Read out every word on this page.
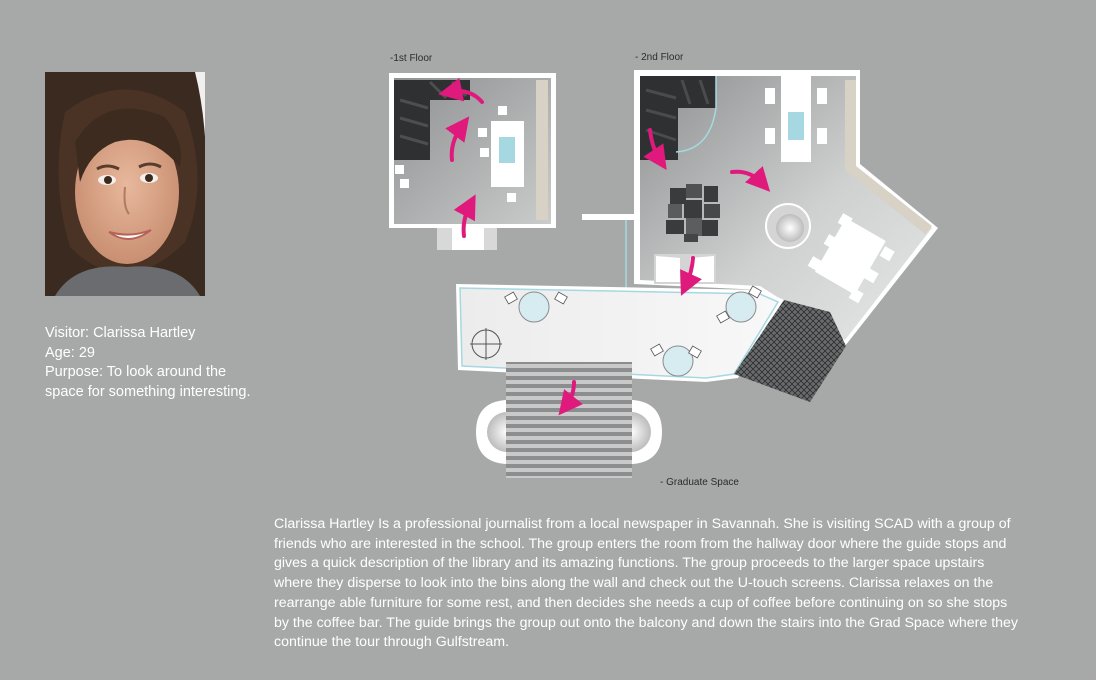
Visitor: Clarissa Hartley
Age: 29
Purpose: To look around the space for something interesting.
-1st Floor	- 2nd Floor
- Graduate Space
Clarissa Hartley Is a professional journalist from a local newspaper in Savannah. She is visiting SCAD with a group of friends who are interested in the school. The group enters the room from the hallway door where the guide stops and gives a quick description of the library and its amazing functions. The group proceeds to the larger space upstairs where they disperse to look into the bins along the wall and check out the U-touch screens. Clarissa relaxes on the rearrange able furniture for some rest, and then decides she needs a cup of coffee before continuing on so she stops by the coffee bar. The guide brings the group out onto the balcony and down the stairs into the Grad Space where they continue the tour through Gulfstream.
